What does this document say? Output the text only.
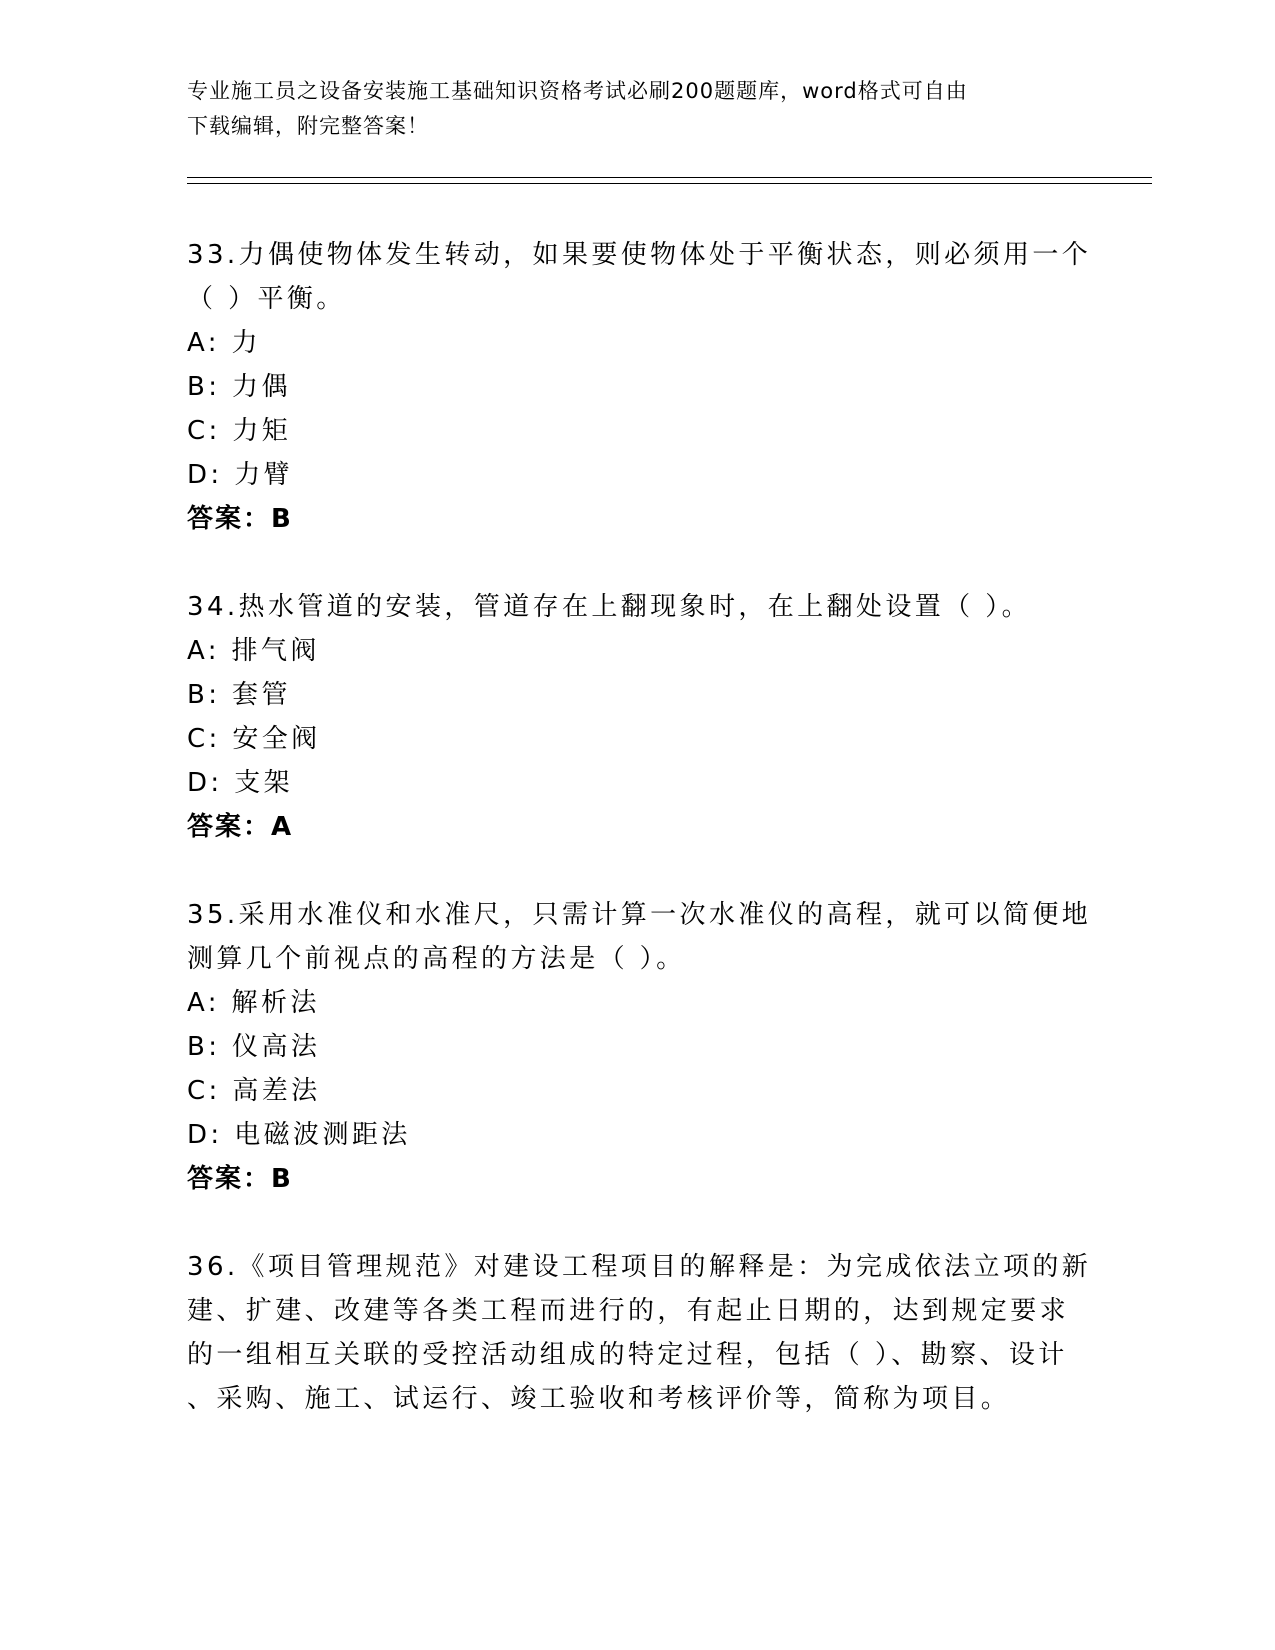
专业施工员之设备安装施工基础知识资格考试必刷200题题库，word格式可自由
下载编辑，附完整答案！
33.力偶使物体发生转动，如果要使物体处于平衡状态，则必须用一个
（ ）平衡。
A: 力
B: 力偶
C: 力矩
D: 力臂
答案：B
34.热水管道的安装，管道存在上翻现象时，在上翻处设置（ ）。
A: 排气阀
B: 套管
C: 安全阀
D: 支架
答案：A
35.采用水准仪和水准尺，只需计算一次水准仪的高程，就可以简便地
测算几个前视点的高程的方法是（ ）。
A: 解析法
B: 仪高法
C: 高差法
D: 电磁波测距法
答案：B
36.《项目管理规范》对建设工程项目的解释是：为完成依法立项的新
建、扩建、改建等各类工程而进行的，有起止日期的，达到规定要求
的一组相互关联的受控活动组成的特定过程，包括（ ）、勘察、设计
、采购、施工、试运行、竣工验收和考核评价等，简称为项目。
